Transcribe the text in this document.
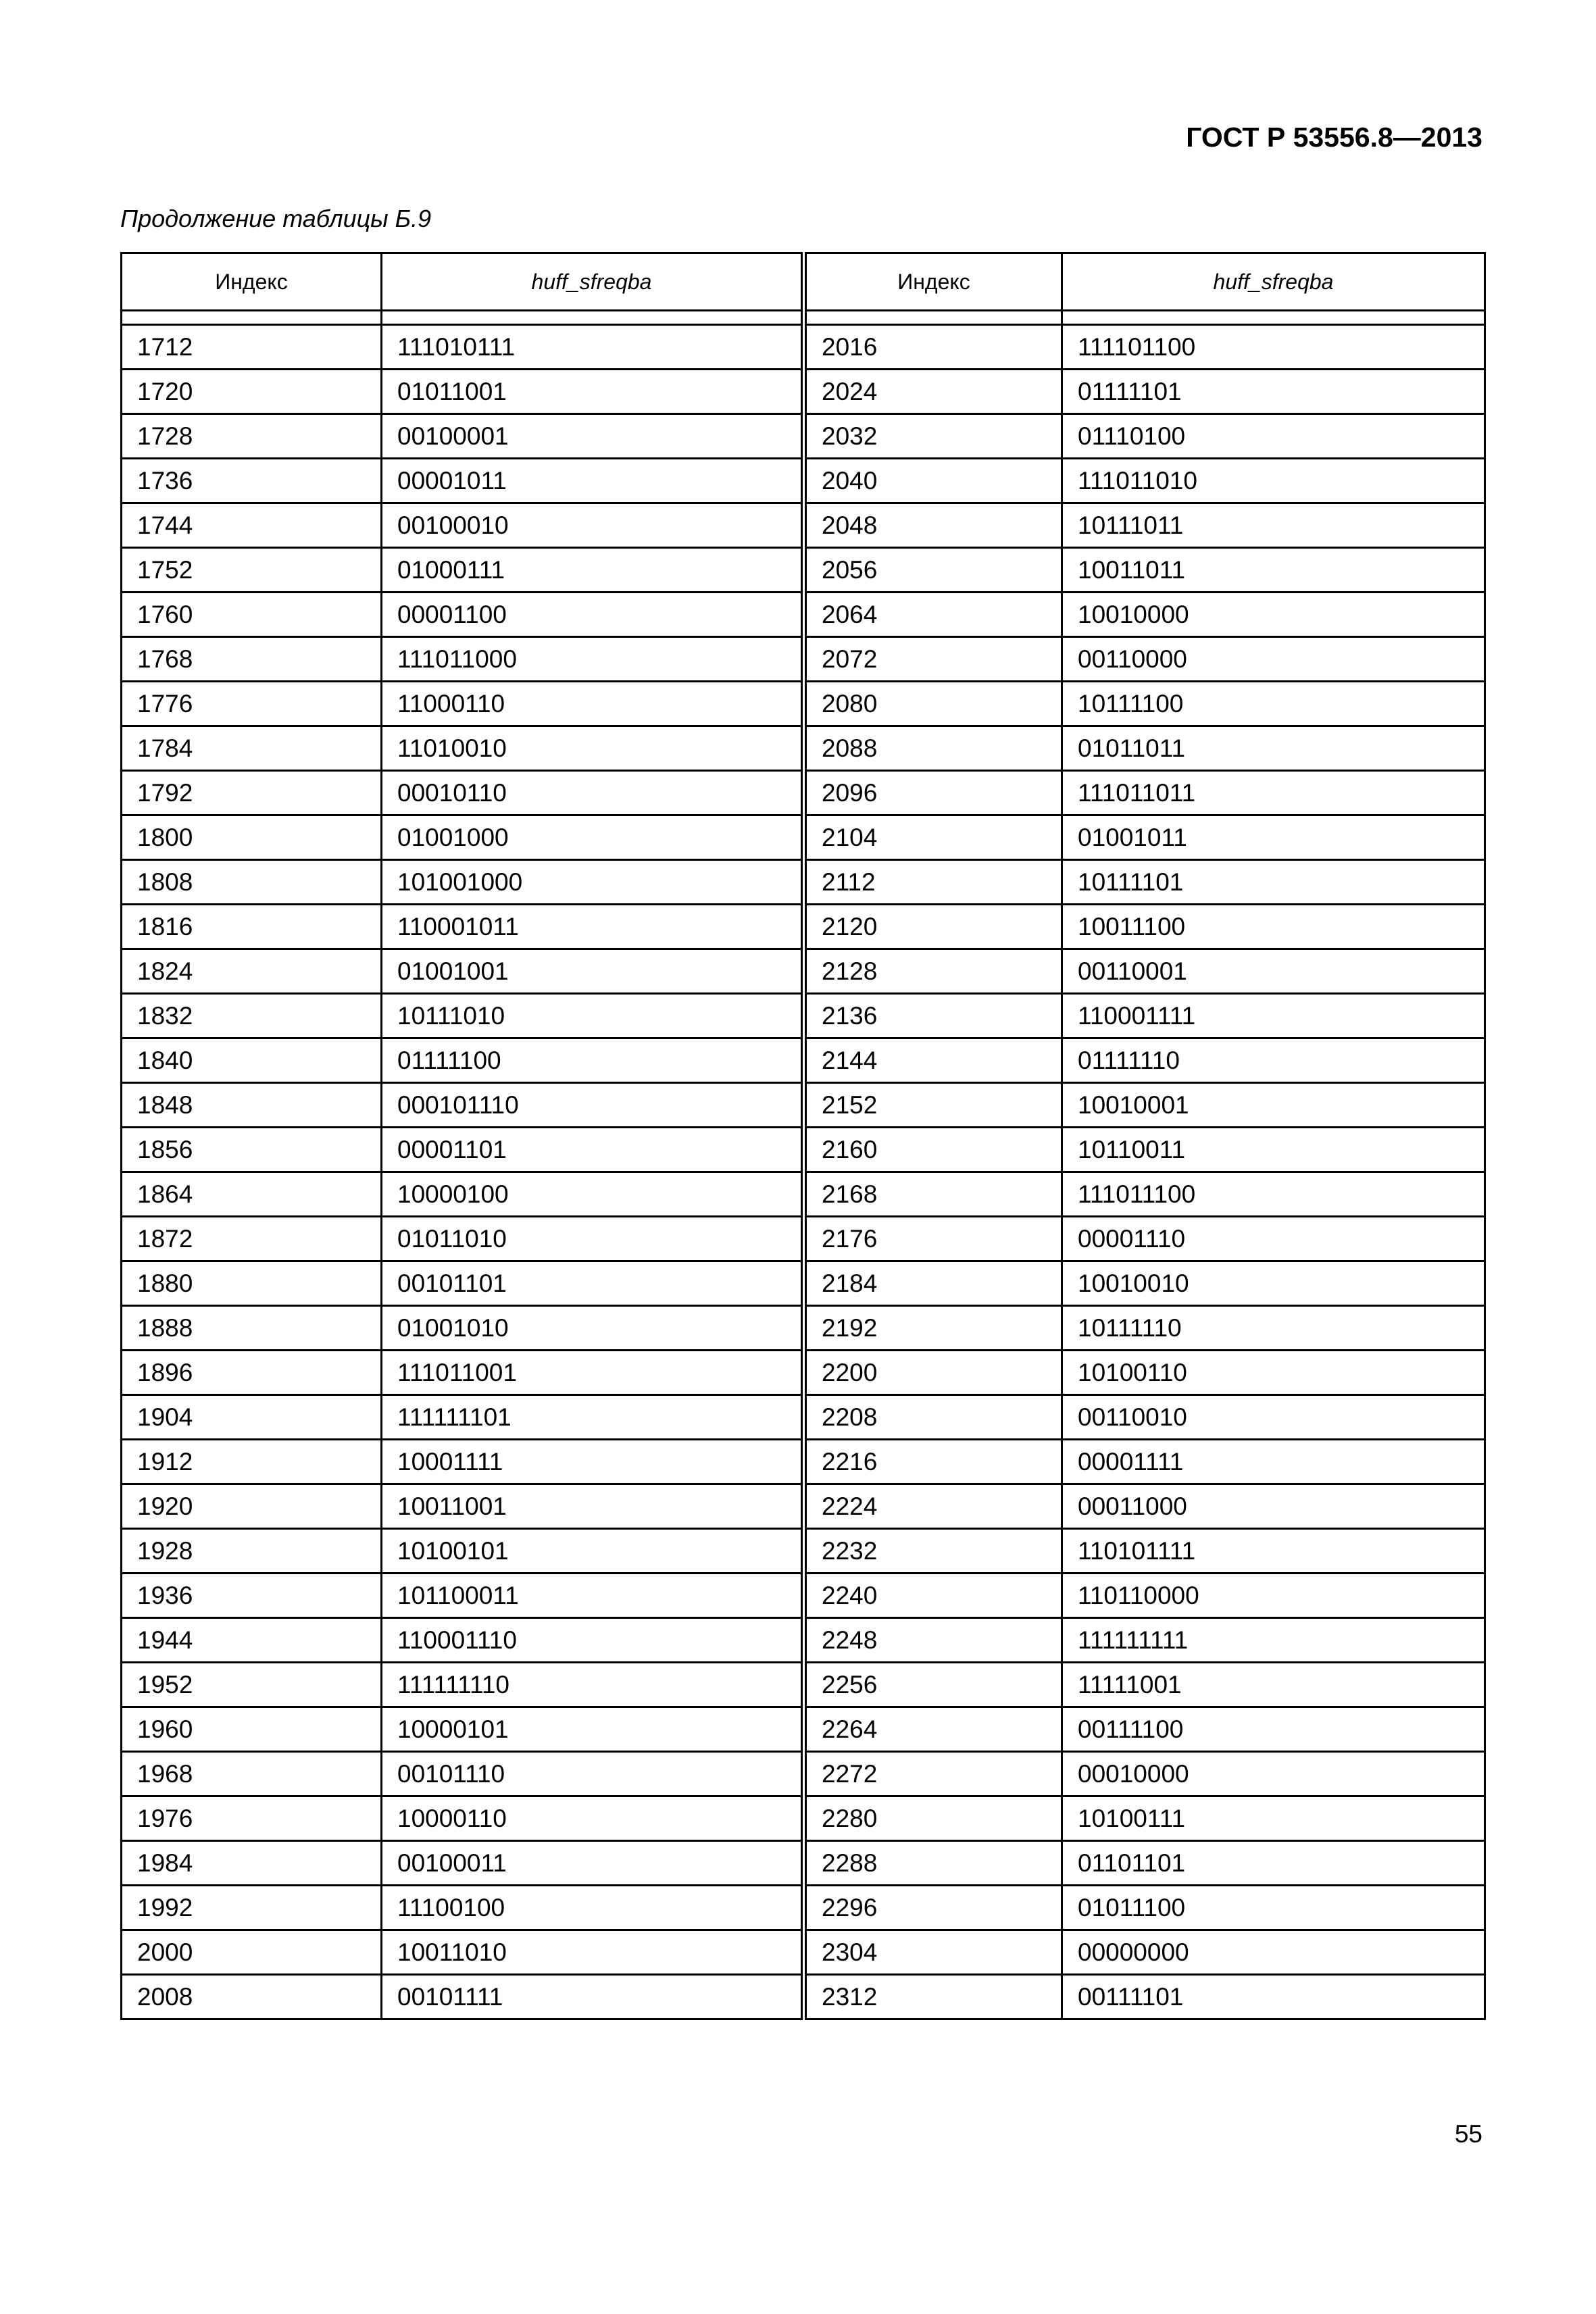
ГОСТ Р 53556.8—2013
Продолжение таблицы Б.9
Индекс	huff_sfreqba	Индекс	huff_sfreqba

1712	111010111	2016	111101100
1720	01011001	2024	01111101
1728	00100001	2032	01110100
1736	00001011	2040	111011010
1744	00100010	2048	10111011
1752	01000111	2056	10011011
1760	00001100	2064	10010000
1768	111011000	2072	00110000
1776	11000110	2080	10111100
1784	11010010	2088	01011011
1792	00010110	2096	111011011
1800	01001000	2104	01001011
1808	101001000	2112	10111101
1816	110001011	2120	10011100
1824	01001001	2128	00110001
1832	10111010	2136	110001111
1840	01111100	2144	01111110
1848	000101110	2152	10010001
1856	00001101	2160	10110011
1864	10000100	2168	111011100
1872	01011010	2176	00001110
1880	00101101	2184	10010010
1888	01001010	2192	10111110
1896	111011001	2200	10100110
1904	111111101	2208	00110010
1912	10001111	2216	00001111
1920	10011001	2224	00011000
1928	10100101	2232	110101111
1936	101100011	2240	110110000
1944	110001110	2248	111111111
1952	111111110	2256	11111001
1960	10000101	2264	00111100
1968	00101110	2272	00010000
1976	10000110	2280	10100111
1984	00100011	2288	01101101
1992	11100100	2296	01011100
2000	10011010	2304	00000000
2008	00101111	2312	00111101
55
